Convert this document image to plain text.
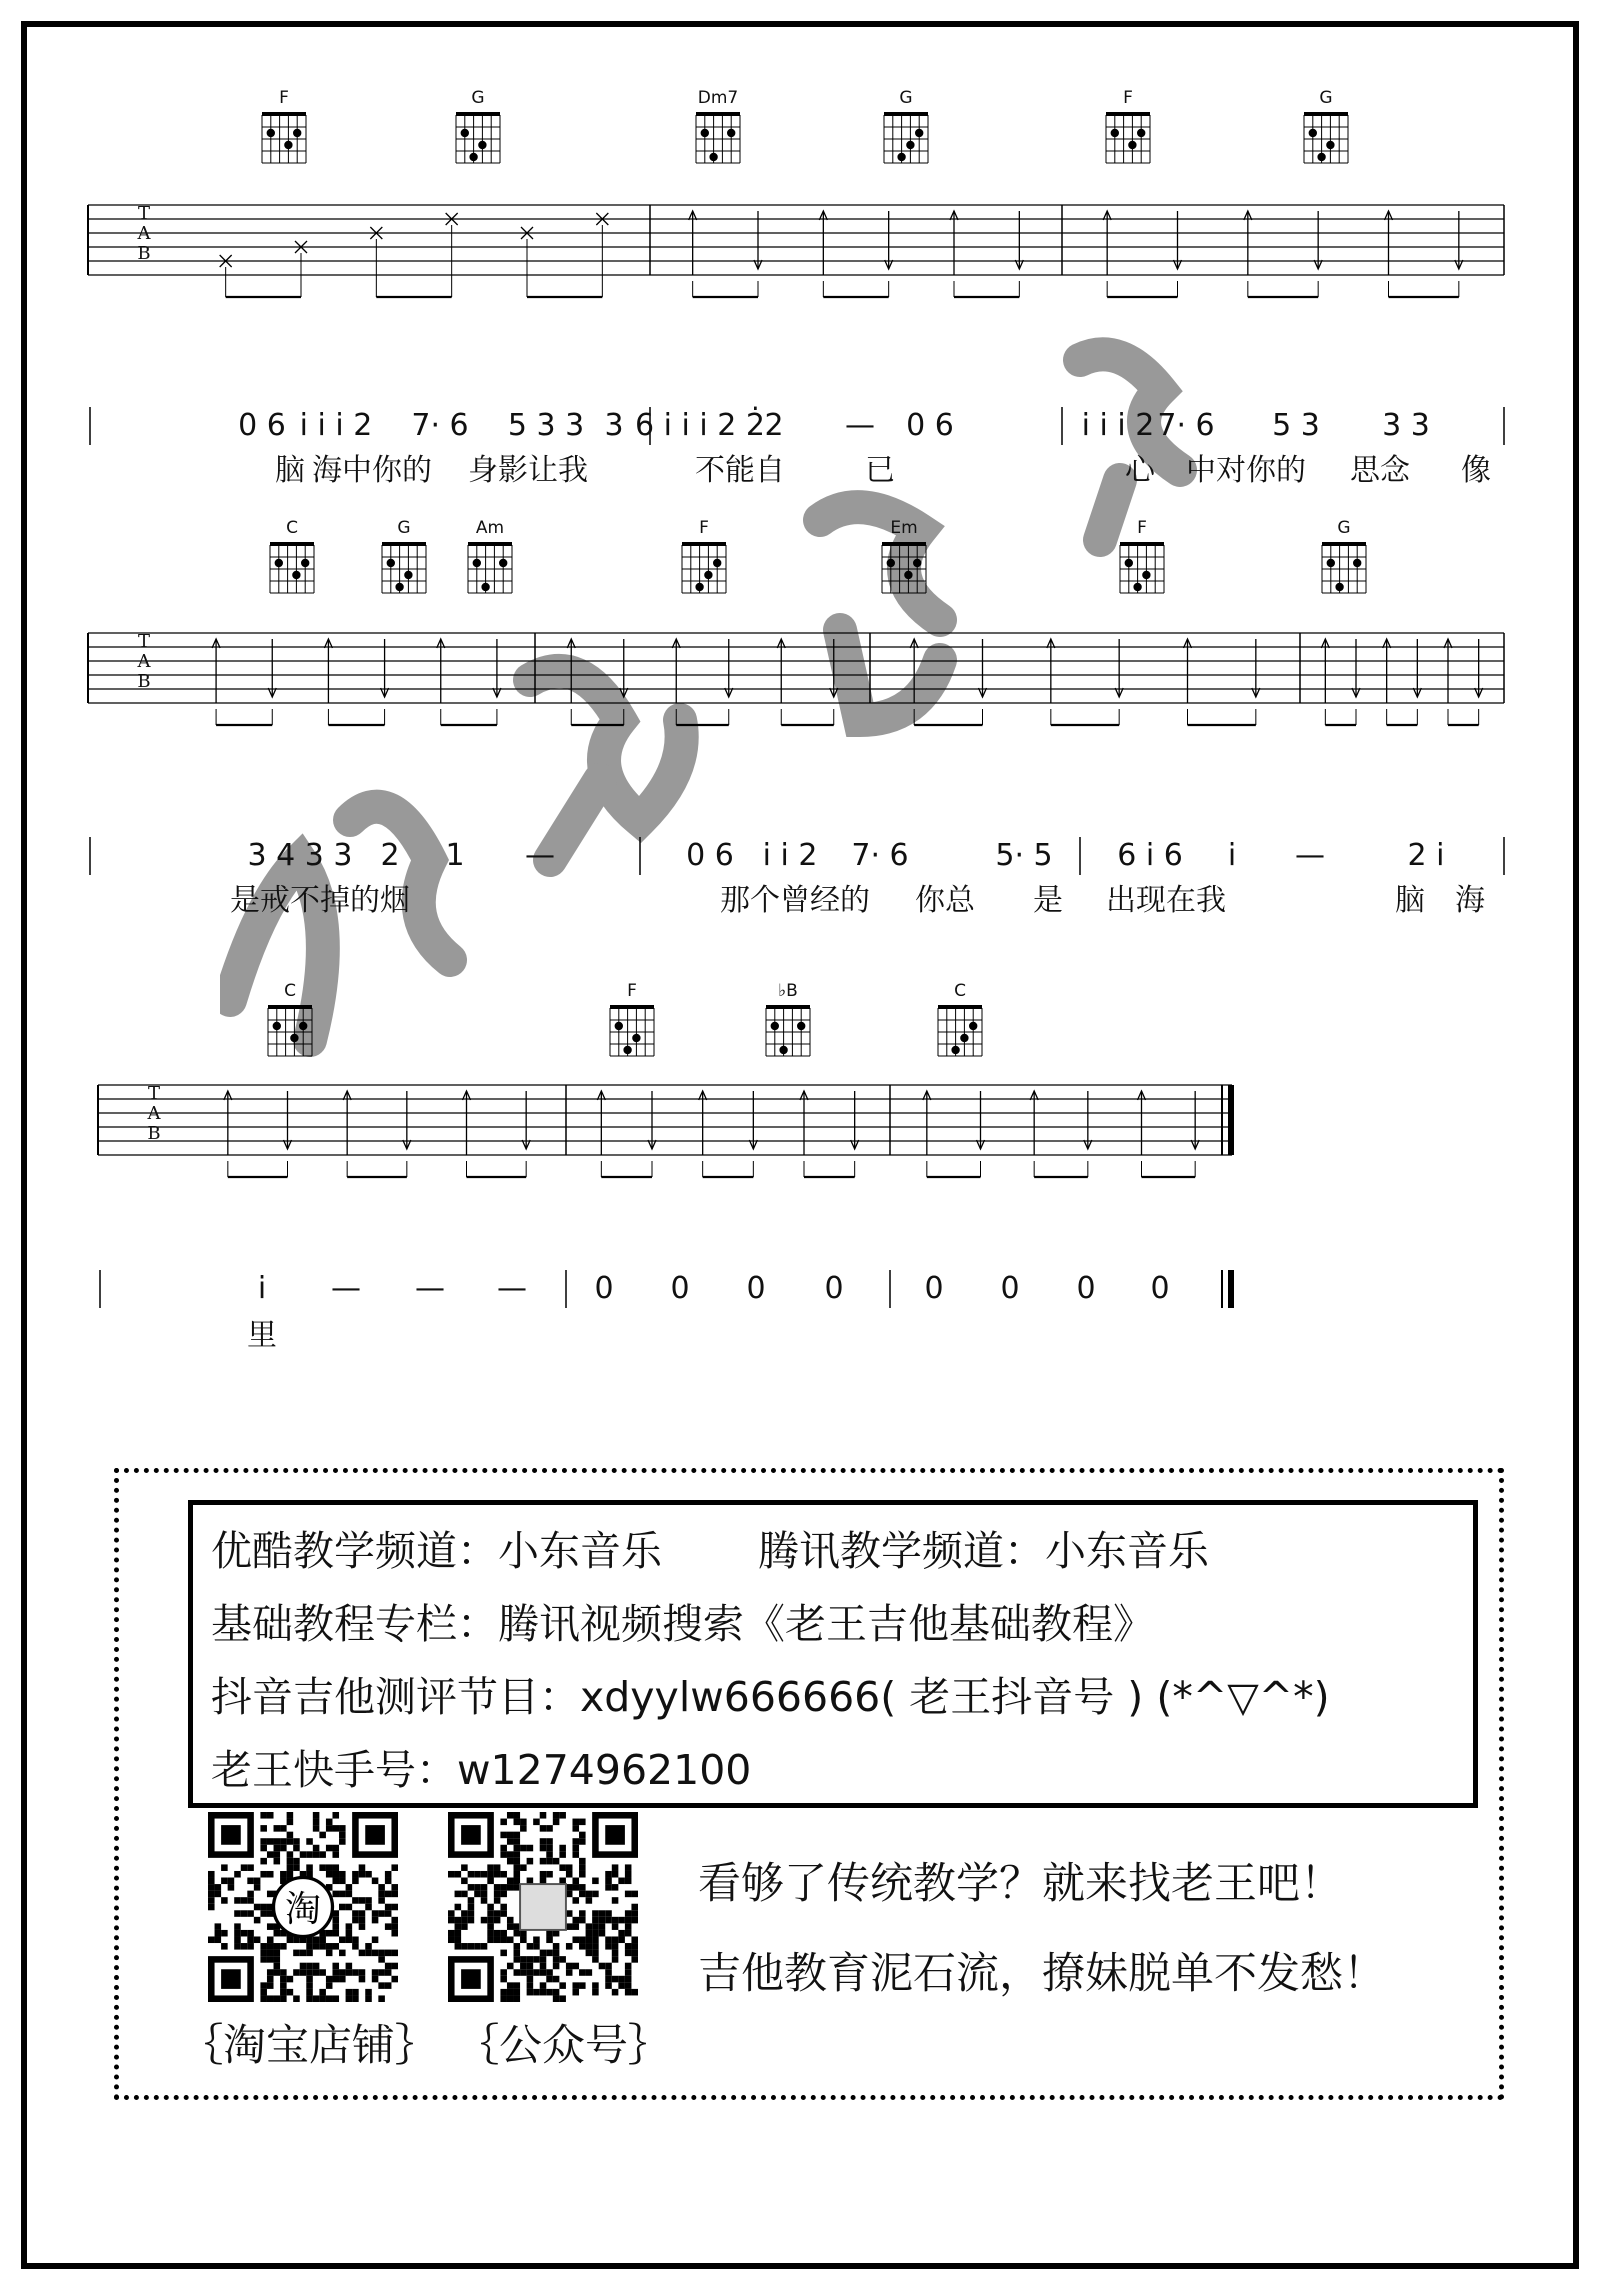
T
A
B
F	G	Dm7	G	F	G
0 6 i i i 2 7· 6 5 3 3 3 6 i i i 2 2̇ 2 — 0 6	i i i 2 7· 6 5 3 3 3
脑 海中你的 身影让我	不能自	已	心 中对你的 思念 像
T
A
B
C	G	Am	F	Em	F	G
3 4 3 3 2 1 —	0 6 i i 2 7· 6	5· 5 6 i 6 i —	2 i
是戒不掉的烟	那个曾经的 你总 是 出现在我	脑 海
T
A
B
C	F	♭B	C
i — — — 0 0 0 0	0 0 0 0
里
优酷教学频道：小东音乐 腾讯教学频道：小东音乐
基础教程专栏：腾讯视频搜索《老王吉他基础教程》
抖音吉他测评节目：xdyylw666666( 老王抖音号 ) (*^▽^*)
老王快手号：w1274962100
淘
｛淘宝店铺｝ ｛公众号｝
看够了传统教学？就来找老王吧！
吉他教育泥石流，撩妹脱单不发愁！
